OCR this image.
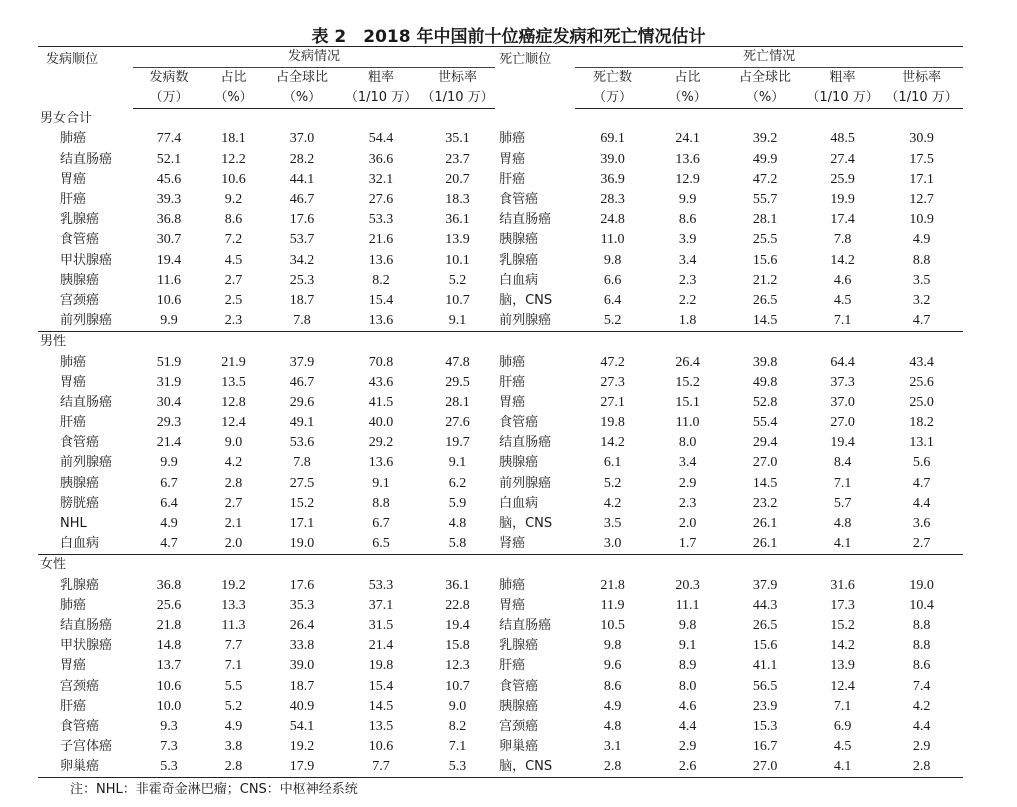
表 2　2018 年中国前十位癌症发病和死亡情况估计
发病顺位	发病情况					死亡顺位	死亡情况				
	发病数	占比	占全球比	粗率	世标率		死亡数	占比	占全球比	粗率	世标率
	（万）	（%）	（%）	（1/10 万）	（1/10 万）		（万）	（%）	（%）	（1/10 万）	（1/10 万）
男女合计											
肺癌	77.4	18.1	37.0	54.4	35.1	肺癌	69.1	24.1	39.2	48.5	30.9
结直肠癌	52.1	12.2	28.2	36.6	23.7	胃癌	39.0	13.6	49.9	27.4	17.5
胃癌	45.6	10.6	44.1	32.1	20.7	肝癌	36.9	12.9	47.2	25.9	17.1
肝癌	39.3	9.2	46.7	27.6	18.3	食管癌	28.3	9.9	55.7	19.9	12.7
乳腺癌	36.8	8.6	17.6	53.3	36.1	结直肠癌	24.8	8.6	28.1	17.4	10.9
食管癌	30.7	7.2	53.7	21.6	13.9	胰腺癌	11.0	3.9	25.5	7.8	4.9
甲状腺癌	19.4	4.5	34.2	13.6	10.1	乳腺癌	9.8	3.4	15.6	14.2	8.8
胰腺癌	11.6	2.7	25.3	8.2	5.2	白血病	6.6	2.3	21.2	4.6	3.5
宫颈癌	10.6	2.5	18.7	15.4	10.7	脑，CNS	6.4	2.2	26.5	4.5	3.2
前列腺癌	9.9	2.3	7.8	13.6	9.1	前列腺癌	5.2	1.8	14.5	7.1	4.7
男性											
肺癌	51.9	21.9	37.9	70.8	47.8	肺癌	47.2	26.4	39.8	64.4	43.4
胃癌	31.9	13.5	46.7	43.6	29.5	肝癌	27.3	15.2	49.8	37.3	25.6
结直肠癌	30.4	12.8	29.6	41.5	28.1	胃癌	27.1	15.1	52.8	37.0	25.0
肝癌	29.3	12.4	49.1	40.0	27.6	食管癌	19.8	11.0	55.4	27.0	18.2
食管癌	21.4	9.0	53.6	29.2	19.7	结直肠癌	14.2	8.0	29.4	19.4	13.1
前列腺癌	9.9	4.2	7.8	13.6	9.1	胰腺癌	6.1	3.4	27.0	8.4	5.6
胰腺癌	6.7	2.8	27.5	9.1	6.2	前列腺癌	5.2	2.9	14.5	7.1	4.7
膀胱癌	6.4	2.7	15.2	8.8	5.9	白血病	4.2	2.3	23.2	5.7	4.4
NHL	4.9	2.1	17.1	6.7	4.8	脑，CNS	3.5	2.0	26.1	4.8	3.6
白血病	4.7	2.0	19.0	6.5	5.8	肾癌	3.0	1.7	26.1	4.1	2.7
女性											
乳腺癌	36.8	19.2	17.6	53.3	36.1	肺癌	21.8	20.3	37.9	31.6	19.0
肺癌	25.6	13.3	35.3	37.1	22.8	胃癌	11.9	11.1	44.3	17.3	10.4
结直肠癌	21.8	11.3	26.4	31.5	19.4	结直肠癌	10.5	9.8	26.5	15.2	8.8
甲状腺癌	14.8	7.7	33.8	21.4	15.8	乳腺癌	9.8	9.1	15.6	14.2	8.8
胃癌	13.7	7.1	39.0	19.8	12.3	肝癌	9.6	8.9	41.1	13.9	8.6
宫颈癌	10.6	5.5	18.7	15.4	10.7	食管癌	8.6	8.0	56.5	12.4	7.4
肝癌	10.0	5.2	40.9	14.5	9.0	胰腺癌	4.9	4.6	23.9	7.1	4.2
食管癌	9.3	4.9	54.1	13.5	8.2	宫颈癌	4.8	4.4	15.3	6.9	4.4
子宫体癌	7.3	3.8	19.2	10.6	7.1	卵巢癌	3.1	2.9	16.7	4.5	2.9
卵巢癌	5.3	2.8	17.9	7.7	5.3	脑，CNS	2.8	2.6	27.0	4.1	2.8
注：NHL：非霍奇金淋巴瘤；CNS：中枢神经系统
